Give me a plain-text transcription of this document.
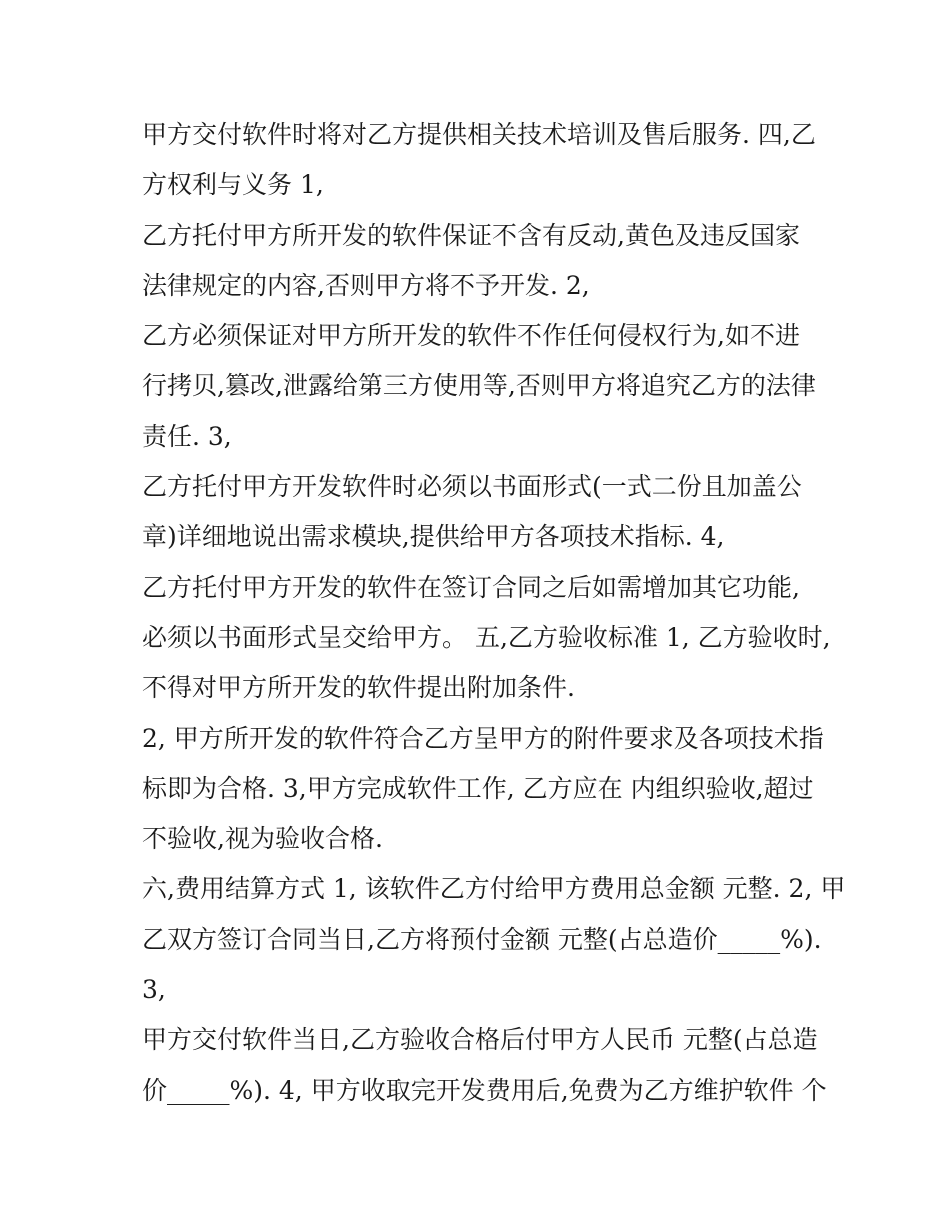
甲方交付软件时将对乙方提供相关技术培训及售后服务. 四,乙
方权利与义务 1,
乙方托付甲方所开发的软件保证不含有反动,黄色及违反国家
法律规定的内容,否则甲方将不予开发. 2,
乙方必须保证对甲方所开发的软件不作任何侵权行为,如不进
行拷贝,篡改,泄露给第三方使用等,否则甲方将追究乙方的法律
责任. 3,
乙方托付甲方开发软件时必须以书面形式(一式二份且加盖公
章)详细地说出需求模块,提供给甲方各项技术指标. 4,
乙方托付甲方开发的软件在签订合同之后如需增加其它功能,
必须以书面形式呈交给甲方。 五,乙方验收标准 1, 乙方验收时,
不得对甲方所开发的软件提出附加条件.
2, 甲方所开发的软件符合乙方呈甲方的附件要求及各项技术指
标即为合格. 3,甲方完成软件工作, 乙方应在 内组织验收,超过
不验收,视为验收合格.
六,费用结算方式 1, 该软件乙方付给甲方费用总金额 元整. 2, 甲
乙双方签订合同当日,乙方将预付金额 元整(占总造价_____%).
3,
甲方交付软件当日,乙方验收合格后付甲方人民币 元整(占总造
价_____%). 4, 甲方收取完开发费用后,免费为乙方维护软件 个
